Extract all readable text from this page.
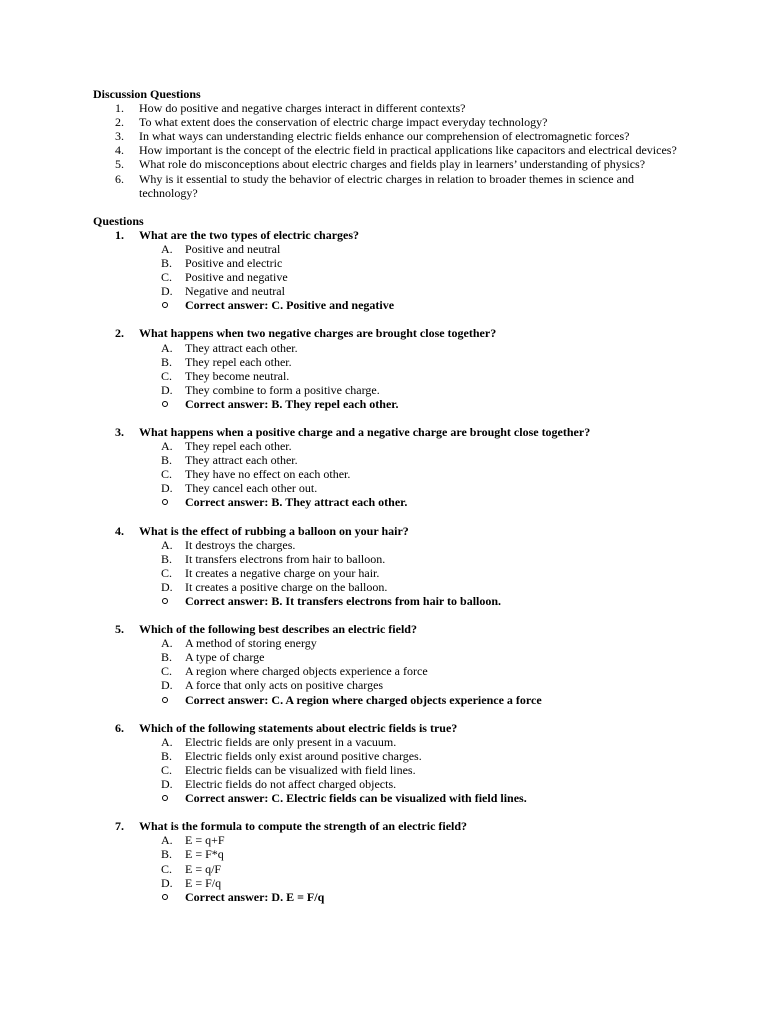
Discussion Questions
1. How do positive and negative charges interact in different contexts?
2. To what extent does the conservation of electric charge impact everyday technology?
3. In what ways can understanding electric fields enhance our comprehension of electromagnetic forces?
4. How important is the concept of the electric field in practical applications like capacitors and electrical devices?
5. What role do misconceptions about electric charges and fields play in learners’ understanding of physics?
6. Why is it essential to study the behavior of electric charges in relation to broader themes in science and technology?
Questions
1. What are the two types of electric charges?
A. Positive and neutral
B. Positive and electric
C. Positive and negative
D. Negative and neutral
Correct answer: C. Positive and negative
2. What happens when two negative charges are brought close together?
A. They attract each other.
B. They repel each other.
C. They become neutral.
D. They combine to form a positive charge.
Correct answer: B. They repel each other.
3. What happens when a positive charge and a negative charge are brought close together?
A. They repel each other.
B. They attract each other.
C. They have no effect on each other.
D. They cancel each other out.
Correct answer: B. They attract each other.
4. What is the effect of rubbing a balloon on your hair?
A. It destroys the charges.
B. It transfers electrons from hair to balloon.
C. It creates a negative charge on your hair.
D. It creates a positive charge on the balloon.
Correct answer: B. It transfers electrons from hair to balloon.
5. Which of the following best describes an electric field?
A. A method of storing energy
B. A type of charge
C. A region where charged objects experience a force
D. A force that only acts on positive charges
Correct answer: C. A region where charged objects experience a force
6. Which of the following statements about electric fields is true?
A. Electric fields are only present in a vacuum.
B. Electric fields only exist around positive charges.
C. Electric fields can be visualized with field lines.
D. Electric fields do not affect charged objects.
Correct answer: C. Electric fields can be visualized with field lines.
7. What is the formula to compute the strength of an electric field?
A. E = q+F
B. E = F*q
C. E = q/F
D. E = F/q
Correct answer: D. E = F/q
